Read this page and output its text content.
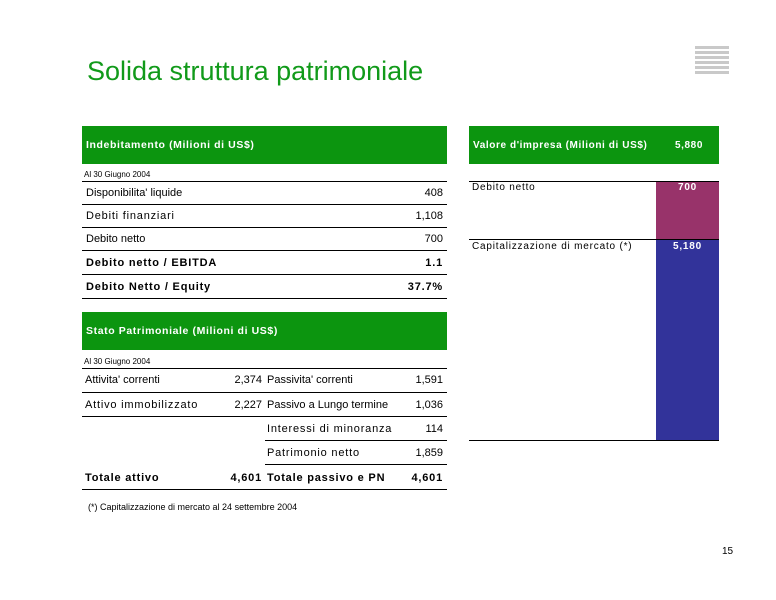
Solida struttura patrimoniale
Indebitamento (Milioni di US$)
Al 30 Giugno 2004
Disponibilita' liquide	408
Debiti finanziari	1,108
Debito netto	700
Debito netto / EBITDA	1.1
Debito Netto / Equity	37.7%
Stato Patrimoniale (Milioni di US$)
Al 30 Giugno 2004
Attivita' correnti	2,374 Passivita' correnti	1,591
Attivo immobilizzato	2,227 Passivo a Lungo termine	1,036
Interessi di minoranza	114
Patrimonio netto	1,859
Totale attivo	4,601 Totale passivo e PN	4,601
(*) Capitalizzazione di mercato al 24 settembre 2004
Valore d'impresa (Milioni di US$)	5,880
Debito netto	700
Capitalizzazione di mercato (*)	5,180
15
